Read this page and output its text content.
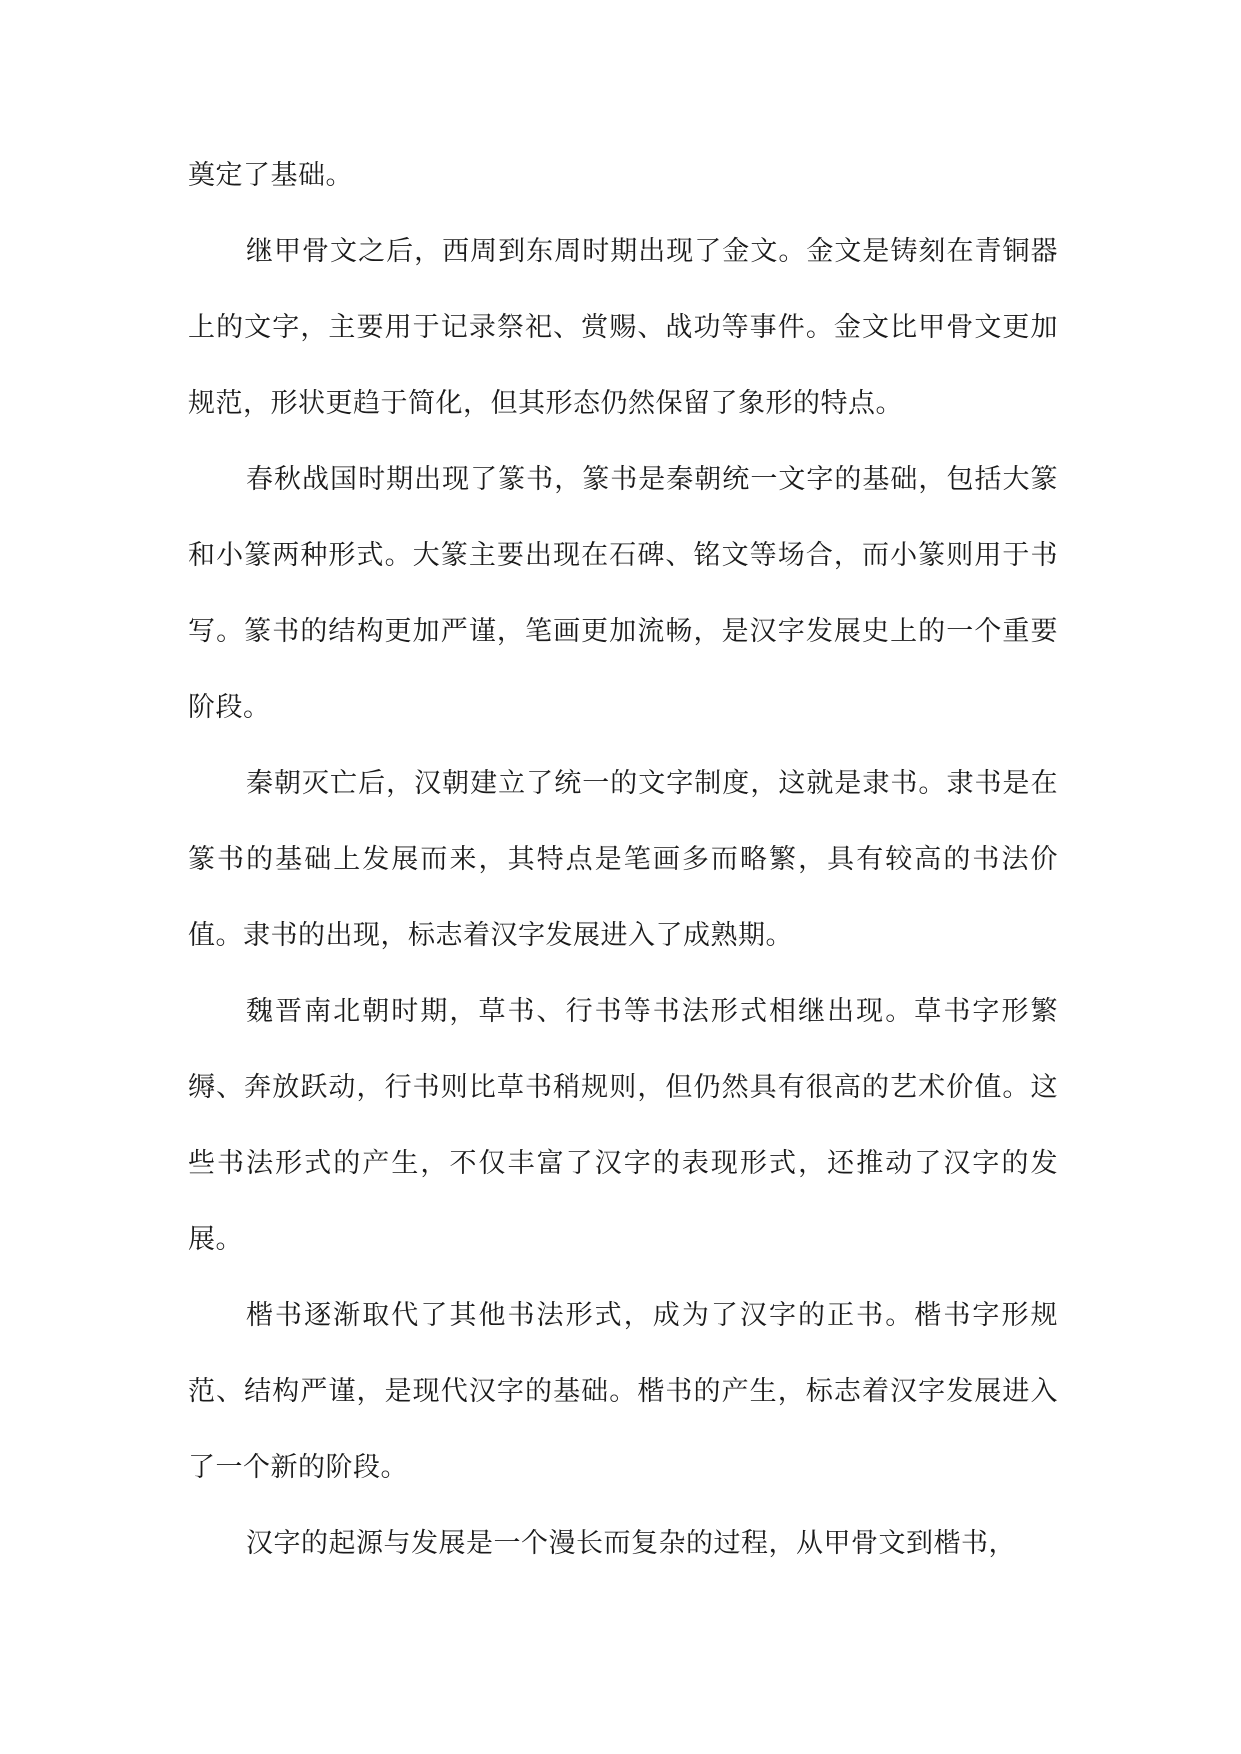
奠定了基础。

继甲骨文之后，西周到东周时期出现了金文。金文是铸刻在青铜器上的文字，主要用于记录祭祀、赏赐、战功等事件。金文比甲骨文更加规范，形状更趋于简化，但其形态仍然保留了象形的特点。

春秋战国时期出现了篆书，篆书是秦朝统一文字的基础，包括大篆和小篆两种形式。大篆主要出现在石碑、铭文等场合，而小篆则用于书写。篆书的结构更加严谨，笔画更加流畅，是汉字发展史上的一个重要阶段。

秦朝灭亡后，汉朝建立了统一的文字制度，这就是隶书。隶书是在篆书的基础上发展而来，其特点是笔画多而略繁，具有较高的书法价值。隶书的出现，标志着汉字发展进入了成熟期。

魏晋南北朝时期，草书、行书等书法形式相继出现。草书字形繁缛、奔放跃动，行书则比草书稍规则，但仍然具有很高的艺术价值。这些书法形式的产生，不仅丰富了汉字的表现形式，还推动了汉字的发展。

楷书逐渐取代了其他书法形式，成为了汉字的正书。楷书字形规范、结构严谨，是现代汉字的基础。楷书的产生，标志着汉字发展进入了一个新的阶段。

汉字的起源与发展是一个漫长而复杂的过程，从甲骨文到楷书，
